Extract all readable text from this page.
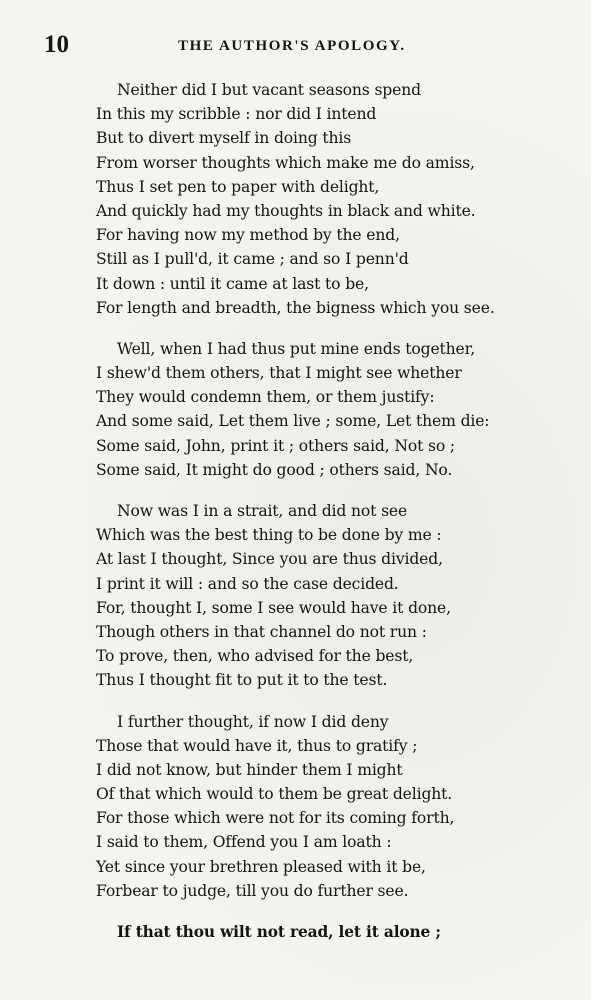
10	THE AUTHOR'S APOLOGY.
Neither did I but vacant seasons spend
In this my scribble : nor did I intend
But to divert myself in doing this
From worser thoughts which make me do amiss,
Thus I set pen to paper with delight,
And quickly had my thoughts in black and white.
For having now my method by the end,
Still as I pull'd, it came ; and so I penn'd
It down : until it came at last to be,
For length and breadth, the bigness which you see.
Well, when I had thus put mine ends together,
I shew'd them others, that I might see whether
They would condemn them, or them justify:
And some said, Let them live ; some, Let them die:
Some said, John, print it ; others said, Not so ;
Some said, It might do good ; others said, No.
Now was I in a strait, and did not see
Which was the best thing to be done by me :
At last I thought, Since you are thus divided,
I print it will : and so the case decided.
For, thought I, some I see would have it done,
Though others in that channel do not run :
To prove, then, who advised for the best,
Thus I thought fit to put it to the test.
I further thought, if now I did deny
Those that would have it, thus to gratify ;
I did not know, but hinder them I might
Of that which would to them be great delight.
For those which were not for its coming forth,
I said to them, Offend you I am loath :
Yet since your brethren pleased with it be,
Forbear to judge, till you do further see.
If that thou wilt not read, let it alone ;
